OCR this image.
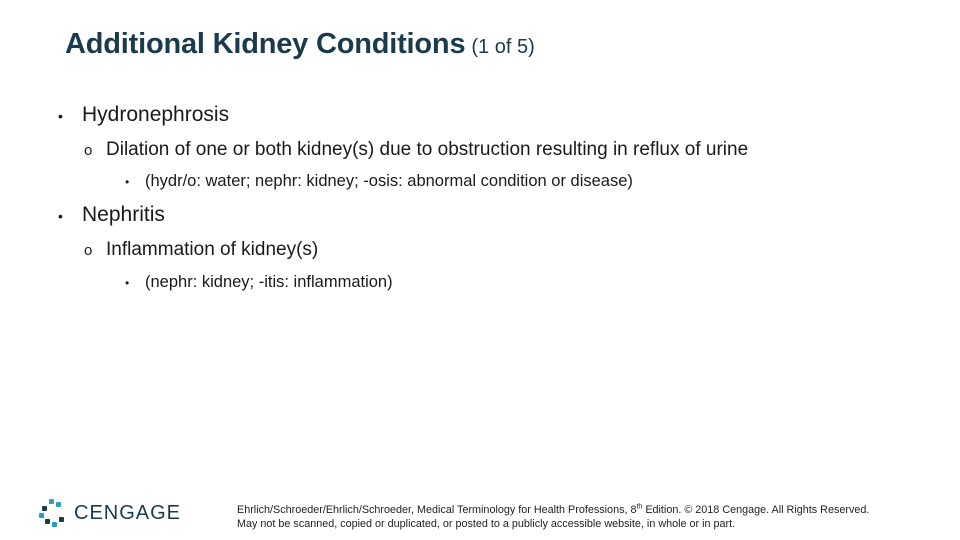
Additional Kidney Conditions (1 of 5)
• Hydronephrosis
o Dilation of one or both kidney(s) due to obstruction resulting in reflux of urine
• (hydr/o: water; nephr: kidney; -osis: abnormal condition or disease)
• Nephritis
o Inflammation of kidney(s)
• (nephr: kidney; -itis: inflammation)
CENGAGE	Ehrlich/Schroeder/Ehrlich/Schroeder, Medical Terminology for Health Professions, 8th Edition. © 2018 Cengage. All Rights Reserved.
May not be scanned, copied or duplicated, or posted to a publicly accessible website, in whole or in part.
